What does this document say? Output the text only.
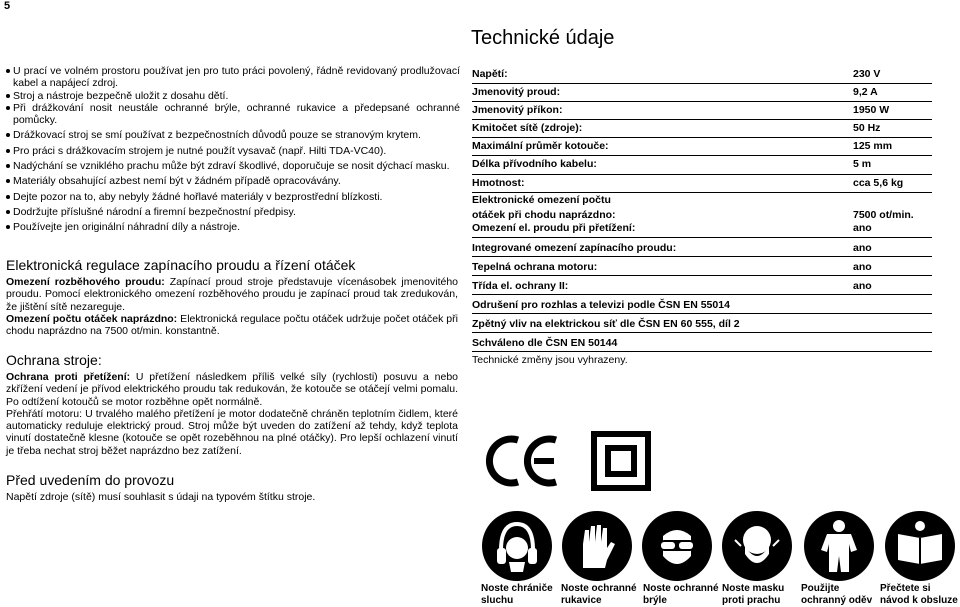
5
Technické údaje
U prací ve volném prostoru používat jen pro tuto práci povolený, řádně revidovaný prodlužovací kabel a napájecí zdroj.
Stroj a nástroje bezpečně uložit z dosahu dětí.
Při drážkování nosit neustále ochranné brýle, ochranné rukavice a předepsané ochranné pomůcky.
Drážkovací stroj se smí používat z bezpečnostních důvodů pouze se stranovým krytem.
Pro práci s drážkovacím strojem je nutné použít vysavač (např. Hilti TDA-VC40).
Nadýchání se vzniklého prachu může být zdraví škodlivé, doporučuje se nosit dýchací masku.
Materiály obsahující azbest nemí být v žádném případě opracovávány.
Dejte pozor na to, aby nebyly žádné hořlavé materiály v bezprostřední blízkosti.
Dodržujte příslušné národní a firemní bezpečnostní předpisy.
Používejte jen originální náhradní díly a nástroje.
Elektronická regulace zapínacího proudu a řízení otáček

Omezení rozběhového proudu: Zapínací proud stroje představuje vícenásobek jmenovitého proudu. Pomocí elektronického omezení rozběhového proudu je zapínací proud tak zredukován, že jištění sítě nezareguje.

Omezení počtu otáček naprázdno: Elektronická regulace počtu otáček udržuje počet otáček při chodu naprázdno na 7500 ot/min. konstantně.

Ochrana stroje:

Ochrana proti přetížení: U přetížení následkem příliš velké síly (rychlosti) posuvu a nebo zkřížení vedení je přívod elektrického proudu tak redukován, že kotouče se otáčejí velmi pomalu. Po odtížení kotoučů se motor rozběhne opět normálně.

Přehřátí motoru: U trvalého malého přetížení je motor dodatečně chráněn teplotním čidlem, které automaticky reduluje elektrický proud. Stroj může být uveden do zatížení až tehdy, když teplota vinutí dostatečně klesne (kotouče se opět rozeběhnou na plné otáčky). Pro lepší ochlazení vinutí je třeba nechat stroj běžet naprázdno bez zatížení.

Před uvedením do provozu

Napětí zdroje (sítě) musí souhlasit s údaji na typovém štítku stroje.

Napětí:	230 V
Jmenovitý proud:	9,2 A
Jmenovitý příkon:	1950 W
Kmitočet sítě (zdroje):	50 Hz
Maximální průměr kotouče:	125 mm
Délka přívodního kabelu:	5 m
Hmotnost:	cca 5,6 kg
Elektronické omezení počtu
otáček při chodu naprázdno:	7500 ot/min.
Omezení el. proudu při přetížení:	ano
Integrované omezení zapínacího proudu:	ano
Tepelná ochrana motoru:	ano
Třída el. ochrany II:	ano
Odrušení pro rozhlas a televizi podle ČSN EN 55014
Zpětný vliv na elektrickou síť dle ČSN EN 60 555, díl 2
Schváleno dle ČSN EN 50144
Technické změny jsou vyhrazeny.
Noste chrániče
sluchu
Noste ochranné
rukavice
Noste ochranné
brýle
Noste masku
proti prachu
Použijte
ochranný oděv
Přečtete si
návod k obsluze
